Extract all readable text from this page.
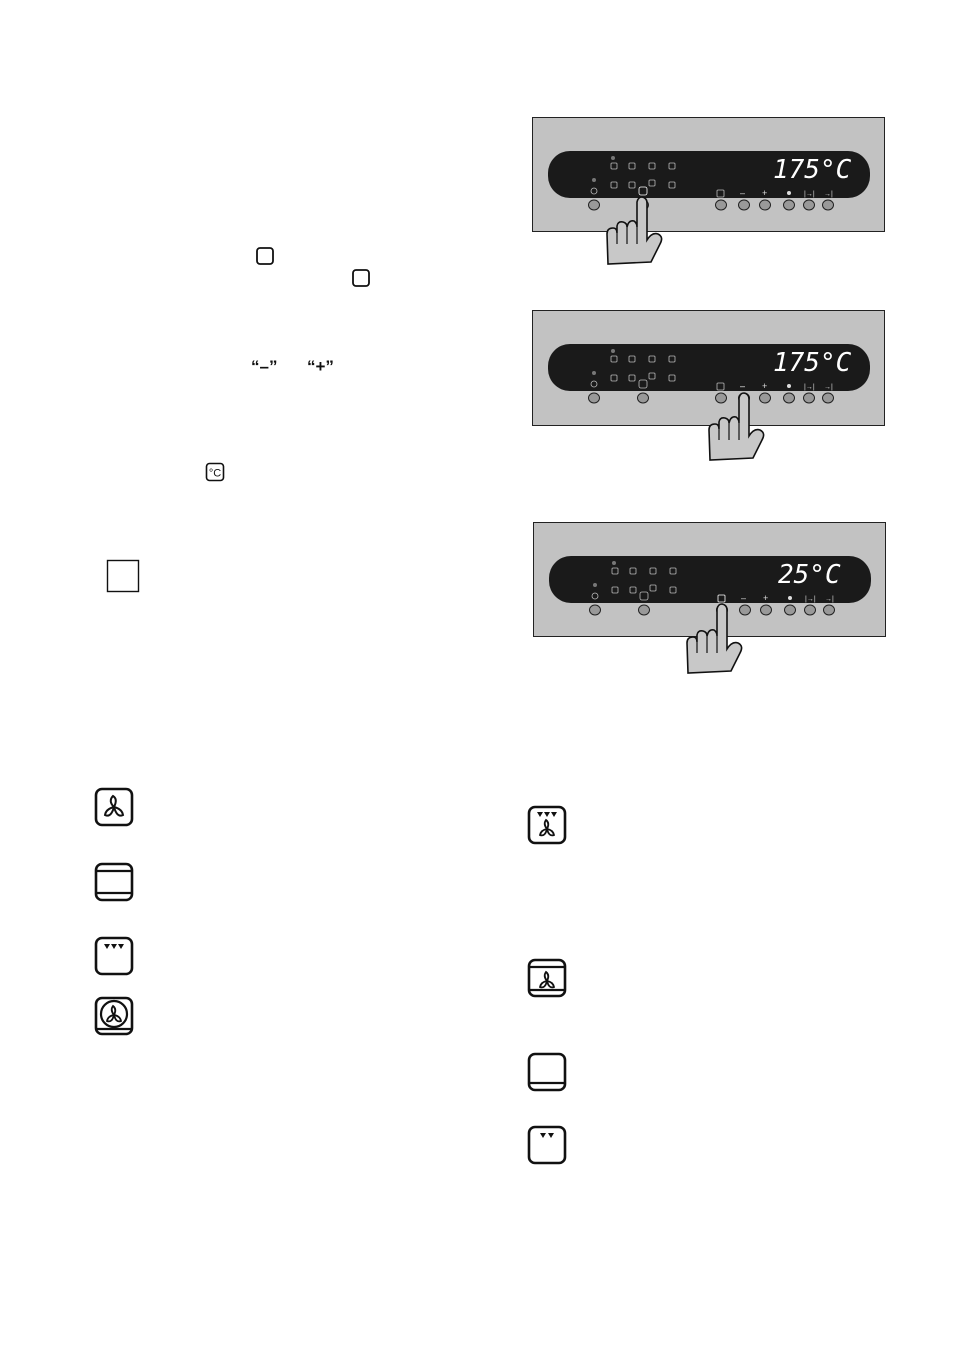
“–” “+”
°C
– +	|→| →|
175°C
– +	|→| →|
175°C
– +	|→| →|
25°C
